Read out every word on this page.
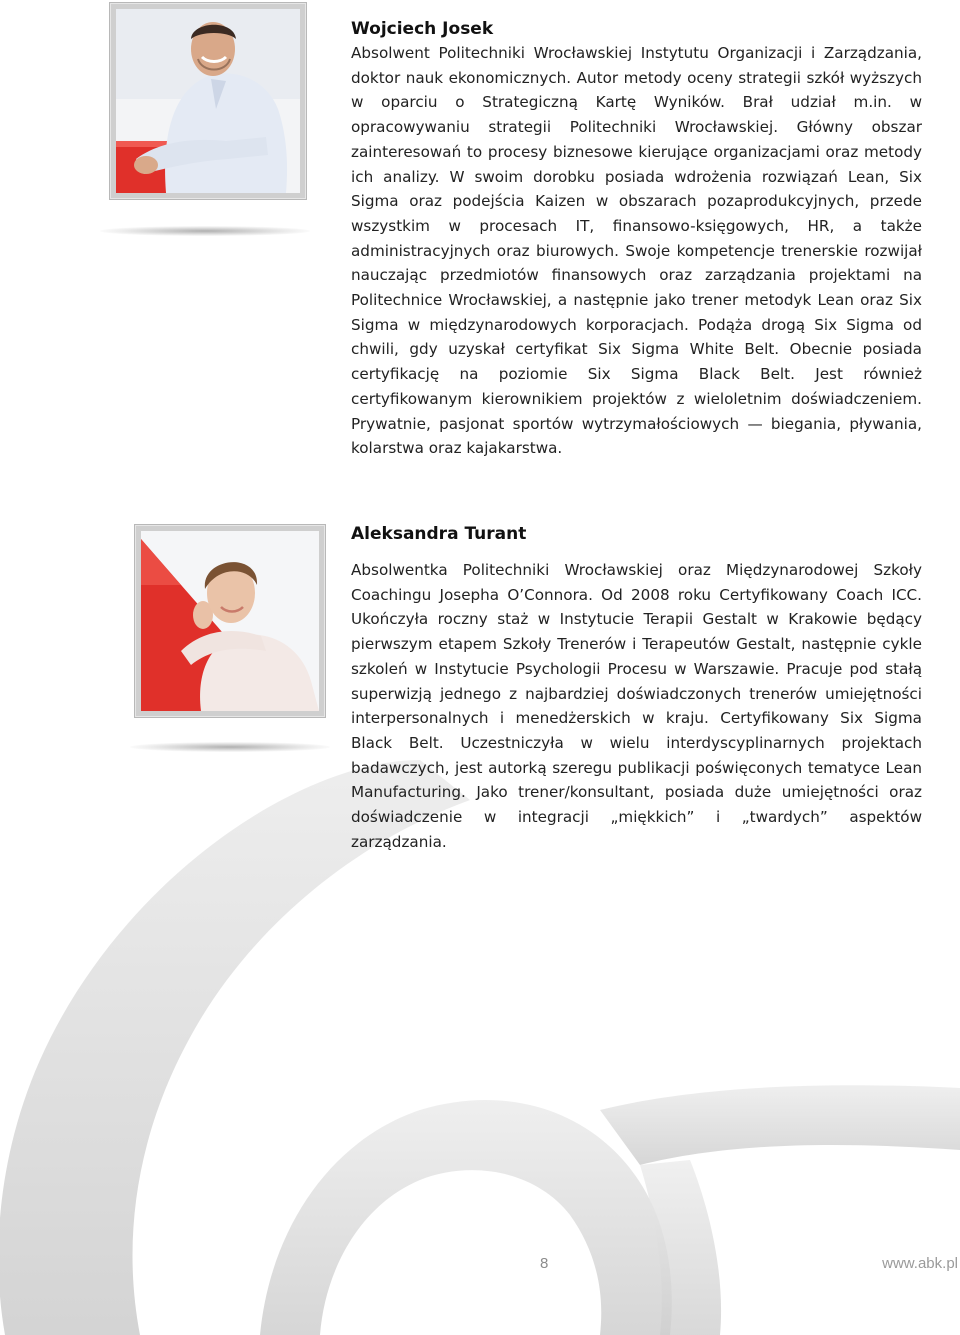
Wojciech Josek

Absolwent Politechniki Wrocławskiej Instytutu Organizacji i Zarządzania, doktor nauk ekonomicznych. Autor metody oceny strategii szkół wyższych w oparciu o Strategiczną Kartę Wyników. Brał udział m.in. w opracowywaniu strategii Politechniki Wrocławskiej. Główny obszar zainteresowań to procesy biznesowe kierujące organizacjami oraz metody ich analizy. W swoim dorobku posiada wdrożenia rozwiązań Lean, Six Sigma oraz podejścia Kaizen w obszarach pozaprodukcyjnych, przede wszystkim w procesach IT, finansowo-księgowych, HR, a także administracyjnych oraz biurowych. Swoje kompetencje trenerskie rozwijał nauczając przedmiotów finansowych oraz zarządzania projektami na Politechnice Wrocławskiej, a następnie jako trener metodyk Lean oraz Six Sigma w międzynarodowych korporacjach. Podąża drogą Six Sigma od chwili, gdy uzyskał certyfikat Six Sigma White Belt. Obecnie posiada certyfikację na poziomie Six Sigma Black Belt. Jest również certyfikowanym kierownikiem projektów z wieloletnim doświadczeniem. Prywatnie, pasjonat sportów wytrzymałościowych — biegania, pływania, kolarstwa oraz kajakarstwa.

Aleksandra Turant

Absolwentka Politechniki Wrocławskiej oraz Międzynarodowej Szkoły Coachingu Josepha O’Connora. Od 2008 roku Certyfikowany Coach ICC. Ukończyła roczny staż w Instytucie Terapii Gestalt w Krakowie będący pierwszym etapem Szkoły Trenerów i Terapeutów Gestalt, następnie cykle szkoleń w Instytucie Psychologii Procesu w Warszawie. Pracuje pod stałą superwizją jednego z najbardziej doświadczonych trenerów umiejętności interpersonalnych i menedżerskich w kraju. Certyfikowany Six Sigma Black Belt. Uczestniczyła w wielu interdyscyplinarnych projektach badawczych, jest autorką szeregu publikacji poświęconych tematyce Lean Manufacturing. Jako trener/konsultant, posiada duże umiejętności oraz doświadczenie w integracji „miękkich” i „twardych” aspektów zarządzania.

8	www.abk.pl
